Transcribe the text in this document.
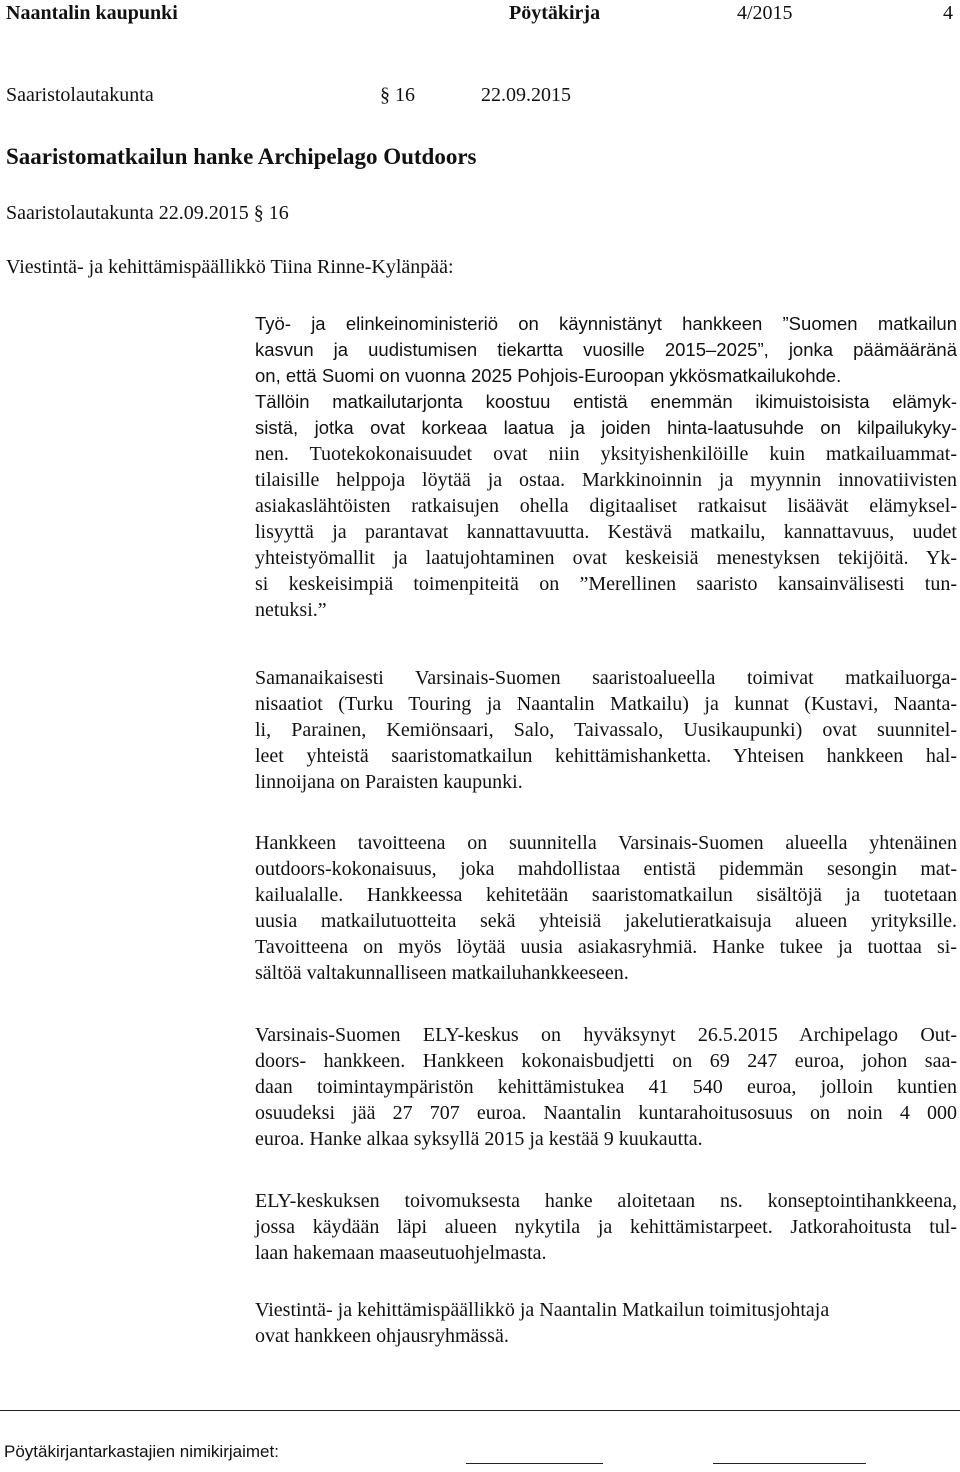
Naantalin kaupunki	Pöytäkirja	4/2015	4
Saaristolautakunta	§ 16	22.09.2015
Saaristomatkailun hanke Archipelago Outdoors
Saaristolautakunta 22.09.2015 § 16
Viestintä- ja kehittämispäällikkö Tiina Rinne-Kylänpää:
Työ- ja elinkeinoministeriö on käynnistänyt hankkeen ”Suomen matkailun
kasvun ja uudistumisen tiekartta vuosille 2015–2025”, jonka päämääränä
on, että Suomi on vuonna 2025 Pohjois-Euroopan ykkösmatkailukohde.
Tällöin matkailutarjonta koostuu entistä enemmän ikimuistoisista elämyk-
sistä, jotka ovat korkeaa laatua ja joiden hinta-laatusuhde on kilpailukyky-
nen. Tuotekokonaisuudet ovat niin yksityishenkilöille kuin matkailuammat-
tilaisille helppoja löytää ja ostaa. Markkinoinnin ja myynnin innovatiivisten
asiakaslähtöisten ratkaisujen ohella digitaaliset ratkaisut lisäävät elämyksel-
lisyyttä ja parantavat kannattavuutta. Kestävä matkailu, kannattavuus, uudet
yhteistyömallit ja laatujohtaminen ovat keskeisiä menestyksen tekijöitä. Yk-
si keskeisimpiä toimenpiteitä on ”Merellinen saaristo kansainvälisesti tun-
netuksi.”
Samanaikaisesti Varsinais-Suomen saaristoalueella toimivat matkailuorga-
nisaatiot (Turku Touring ja Naantalin Matkailu) ja kunnat (Kustavi, Naanta-
li, Parainen, Kemiönsaari, Salo, Taivassalo, Uusikaupunki) ovat suunnitel-
leet yhteistä saaristomatkailun kehittämishanketta. Yhteisen hankkeen hal-
linnoijana on Paraisten kaupunki.
Hankkeen tavoitteena on suunnitella Varsinais-Suomen alueella yhtenäinen
outdoors-kokonaisuus, joka mahdollistaa entistä pidemmän sesongin mat-
kailualalle. Hankkeessa kehitetään saaristomatkailun sisältöjä ja tuotetaan
uusia matkailutuotteita sekä yhteisiä jakelutieratkaisuja alueen yrityksille.
Tavoitteena on myös löytää uusia asiakasryhmiä. Hanke tukee ja tuottaa si-
sältöä valtakunnalliseen matkailuhankkeeseen.
Varsinais-Suomen ELY-keskus on hyväksynyt 26.5.2015 Archipelago Out-
doors- hankkeen. Hankkeen kokonaisbudjetti on 69 247 euroa, johon saa-
daan toimintaympäristön kehittämistukea 41 540 euroa, jolloin kuntien
osuudeksi jää 27 707 euroa. Naantalin kuntarahoitusosuus on noin 4 000
euroa. Hanke alkaa syksyllä 2015 ja kestää 9 kuukautta.
ELY-keskuksen toivomuksesta hanke aloitetaan ns. konseptointihankkeena,
jossa käydään läpi alueen nykytila ja kehittämistarpeet. Jatkorahoitusta tul-
laan hakemaan maaseutuohjelmasta.
Viestintä- ja kehittämispäällikkö ja Naantalin Matkailun toimitusjohtaja
ovat hankkeen ohjausryhmässä.
Pöytäkirjantarkastajien nimikirjaimet:
